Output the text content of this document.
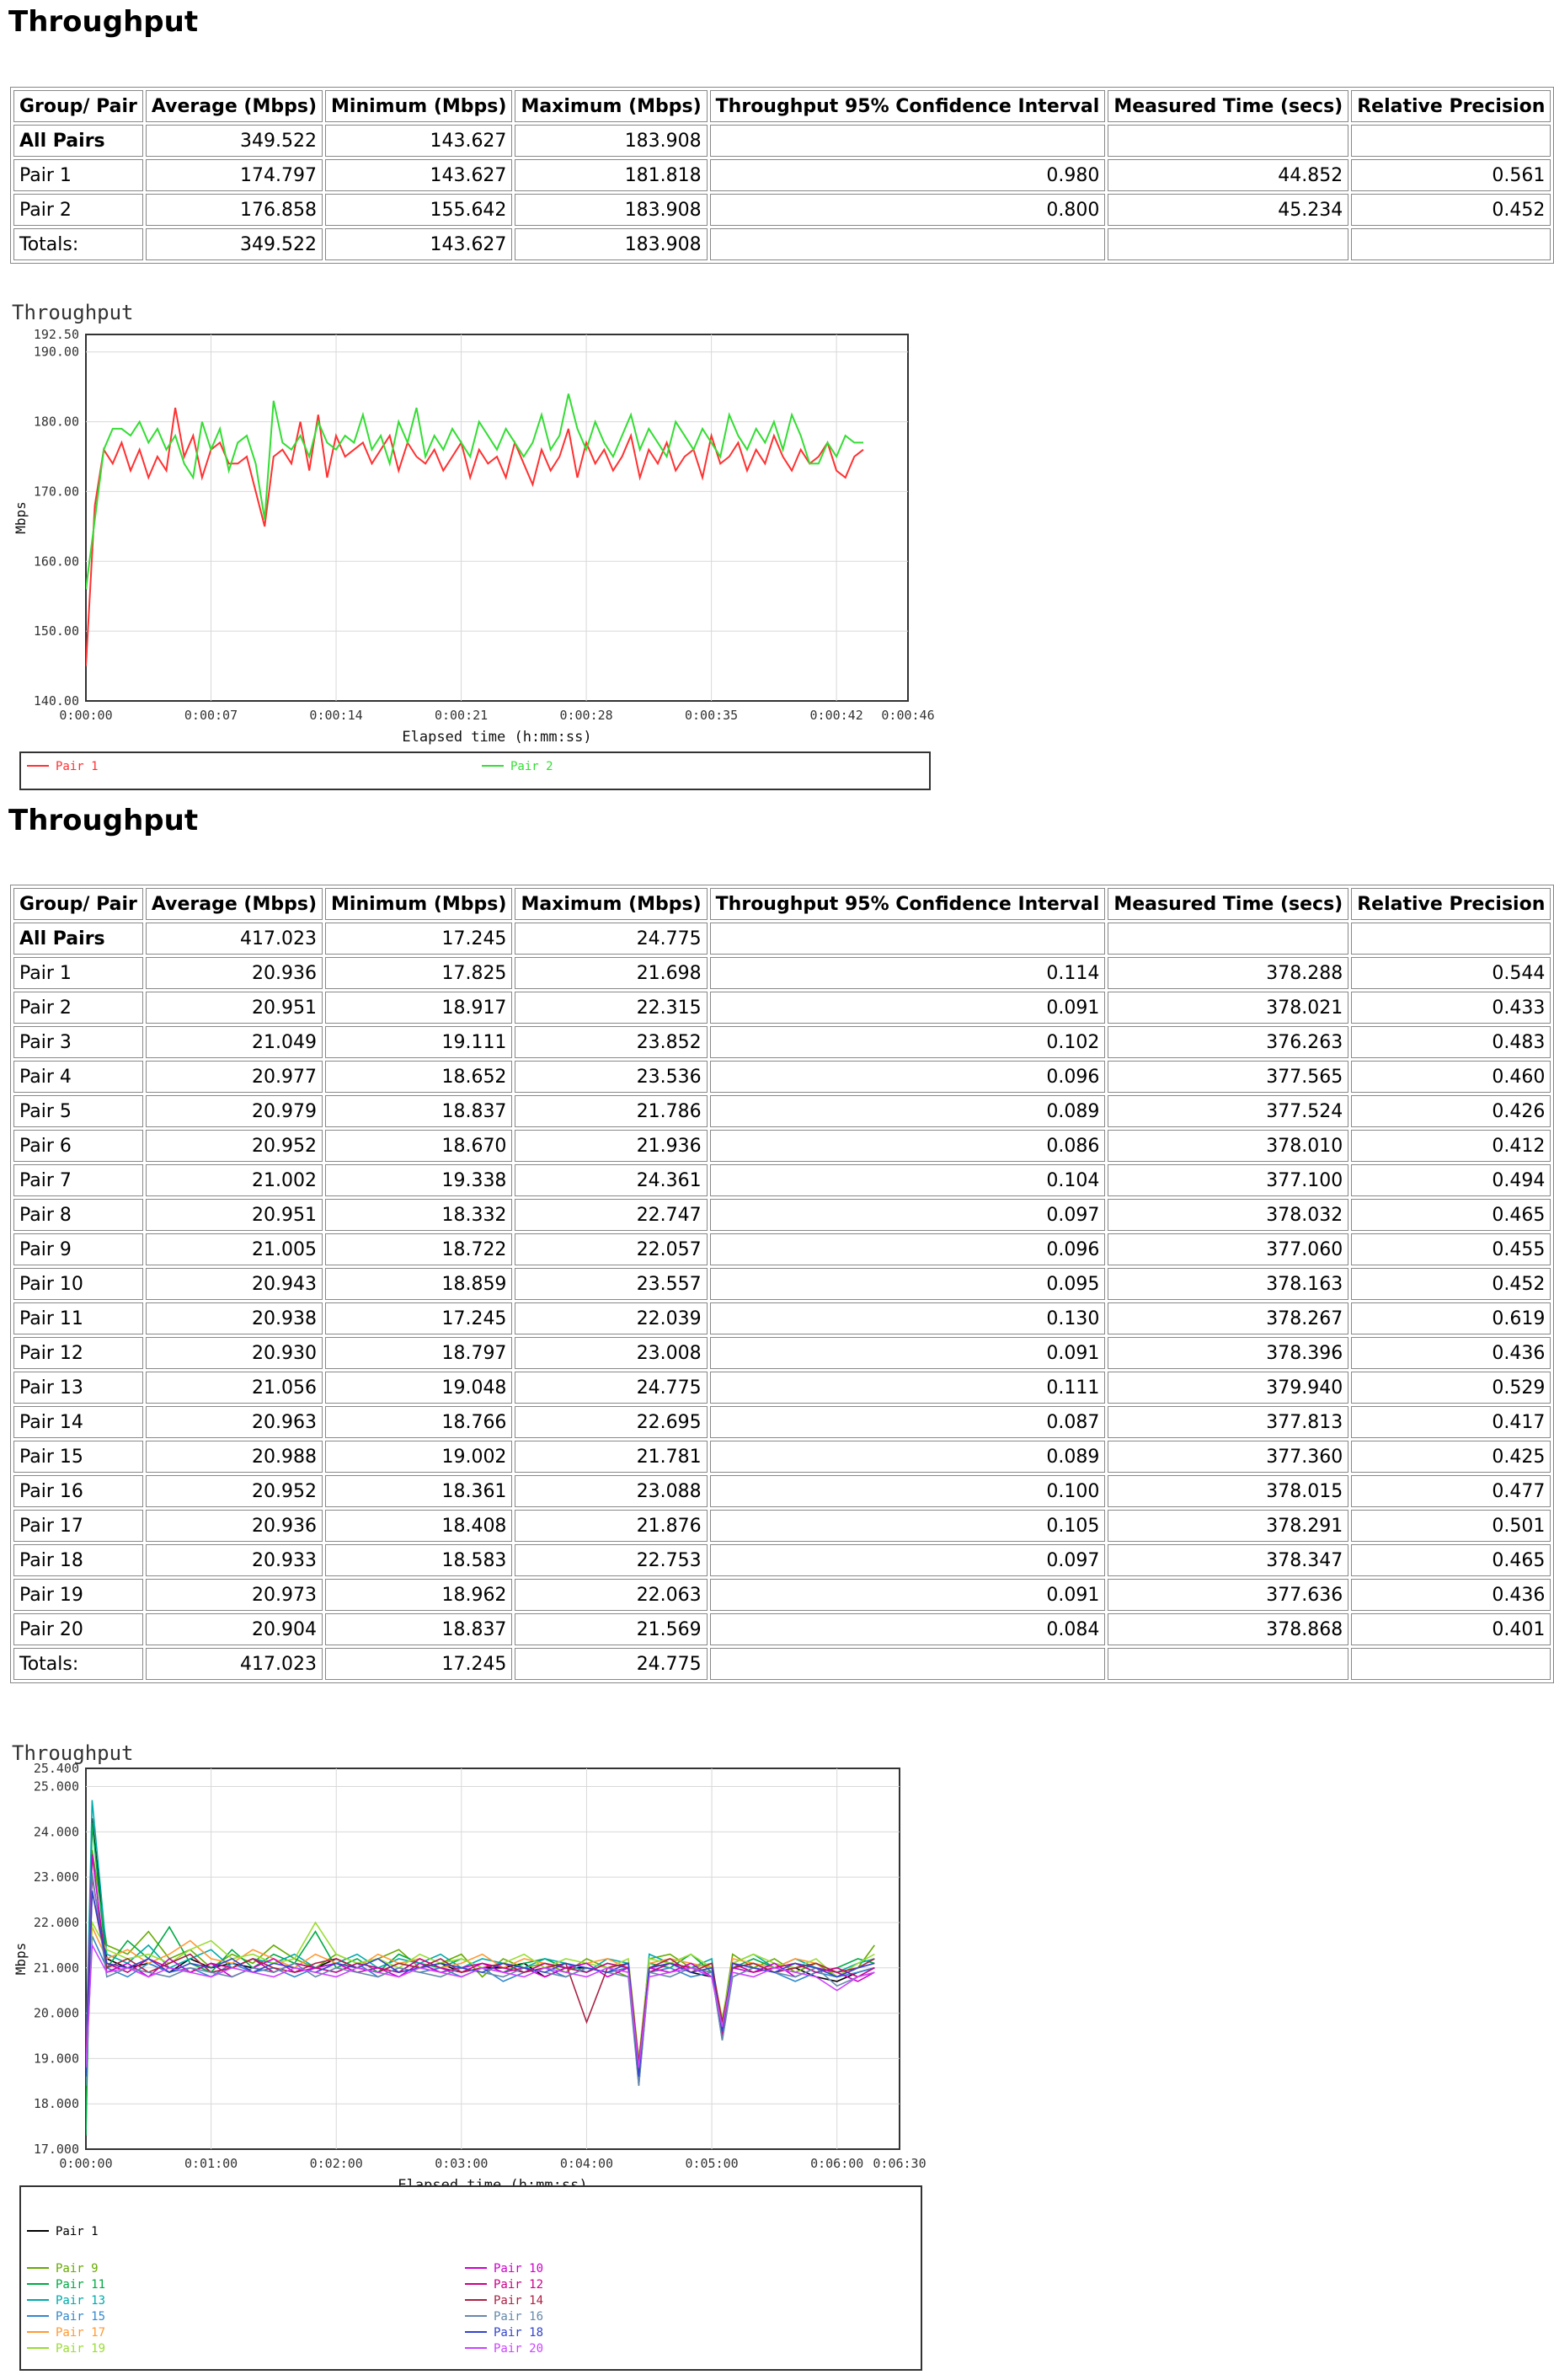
Throughput
Group/ Pair	Average (Mbps)	Minimum (Mbps)	Maximum (Mbps)	Throughput 95% Confidence Interval	Measured Time (secs)	Relative Precision
All Pairs	349.522	143.627	183.908			
Pair 1	174.797	143.627	181.818	0.980	44.852	0.561
Pair 2	176.858	155.642	183.908	0.800	45.234	0.452
Totals:	349.522	143.627	183.908			
Throughput
140.00
150.00
160.00
170.00
180.00
190.00
192.50
0:00:00	0:00:07	0:00:14	0:00:21	0:00:28	0:00:35	0:00:42 0:00:46
Elapsed time (h:mm:ss)
Mbps
Pair 1	Pair 2
Throughput
Group/ Pair	Average (Mbps)	Minimum (Mbps)	Maximum (Mbps)	Throughput 95% Confidence Interval	Measured Time (secs)	Relative Precision
All Pairs	417.023	17.245	24.775			
Pair 1	20.936	17.825	21.698	0.114	378.288	0.544
Pair 2	20.951	18.917	22.315	0.091	378.021	0.433
Pair 3	21.049	19.111	23.852	0.102	376.263	0.483
Pair 4	20.977	18.652	23.536	0.096	377.565	0.460
Pair 5	20.979	18.837	21.786	0.089	377.524	0.426
Pair 6	20.952	18.670	21.936	0.086	378.010	0.412
Pair 7	21.002	19.338	24.361	0.104	377.100	0.494
Pair 8	20.951	18.332	22.747	0.097	378.032	0.465
Pair 9	21.005	18.722	22.057	0.096	377.060	0.455
Pair 10	20.943	18.859	23.557	0.095	378.163	0.452
Pair 11	20.938	17.245	22.039	0.130	378.267	0.619
Pair 12	20.930	18.797	23.008	0.091	378.396	0.436
Pair 13	21.056	19.048	24.775	0.111	379.940	0.529
Pair 14	20.963	18.766	22.695	0.087	377.813	0.417
Pair 15	20.988	19.002	21.781	0.089	377.360	0.425
Pair 16	20.952	18.361	23.088	0.100	378.015	0.477
Pair 17	20.936	18.408	21.876	0.105	378.291	0.501
Pair 18	20.933	18.583	22.753	0.097	378.347	0.465
Pair 19	20.973	18.962	22.063	0.091	377.636	0.436
Pair 20	20.904	18.837	21.569	0.084	378.868	0.401
Totals:	417.023	17.245	24.775			
Throughput
17.000
18.000
19.000
20.000
21.000
22.000
23.000
24.000
25.000
25.400
0:00:00	0:01:00	0:02:00	0:03:00	0:04:00	0:05:00	0:06:00 0:06:30
Mbps
Pair 1
Pair 9	Pair 10
Pair 11	Pair 12
Pair 13	Pair 14
Pair 15	Pair 16
Pair 17	Pair 18
Pair 19	Pair 20
